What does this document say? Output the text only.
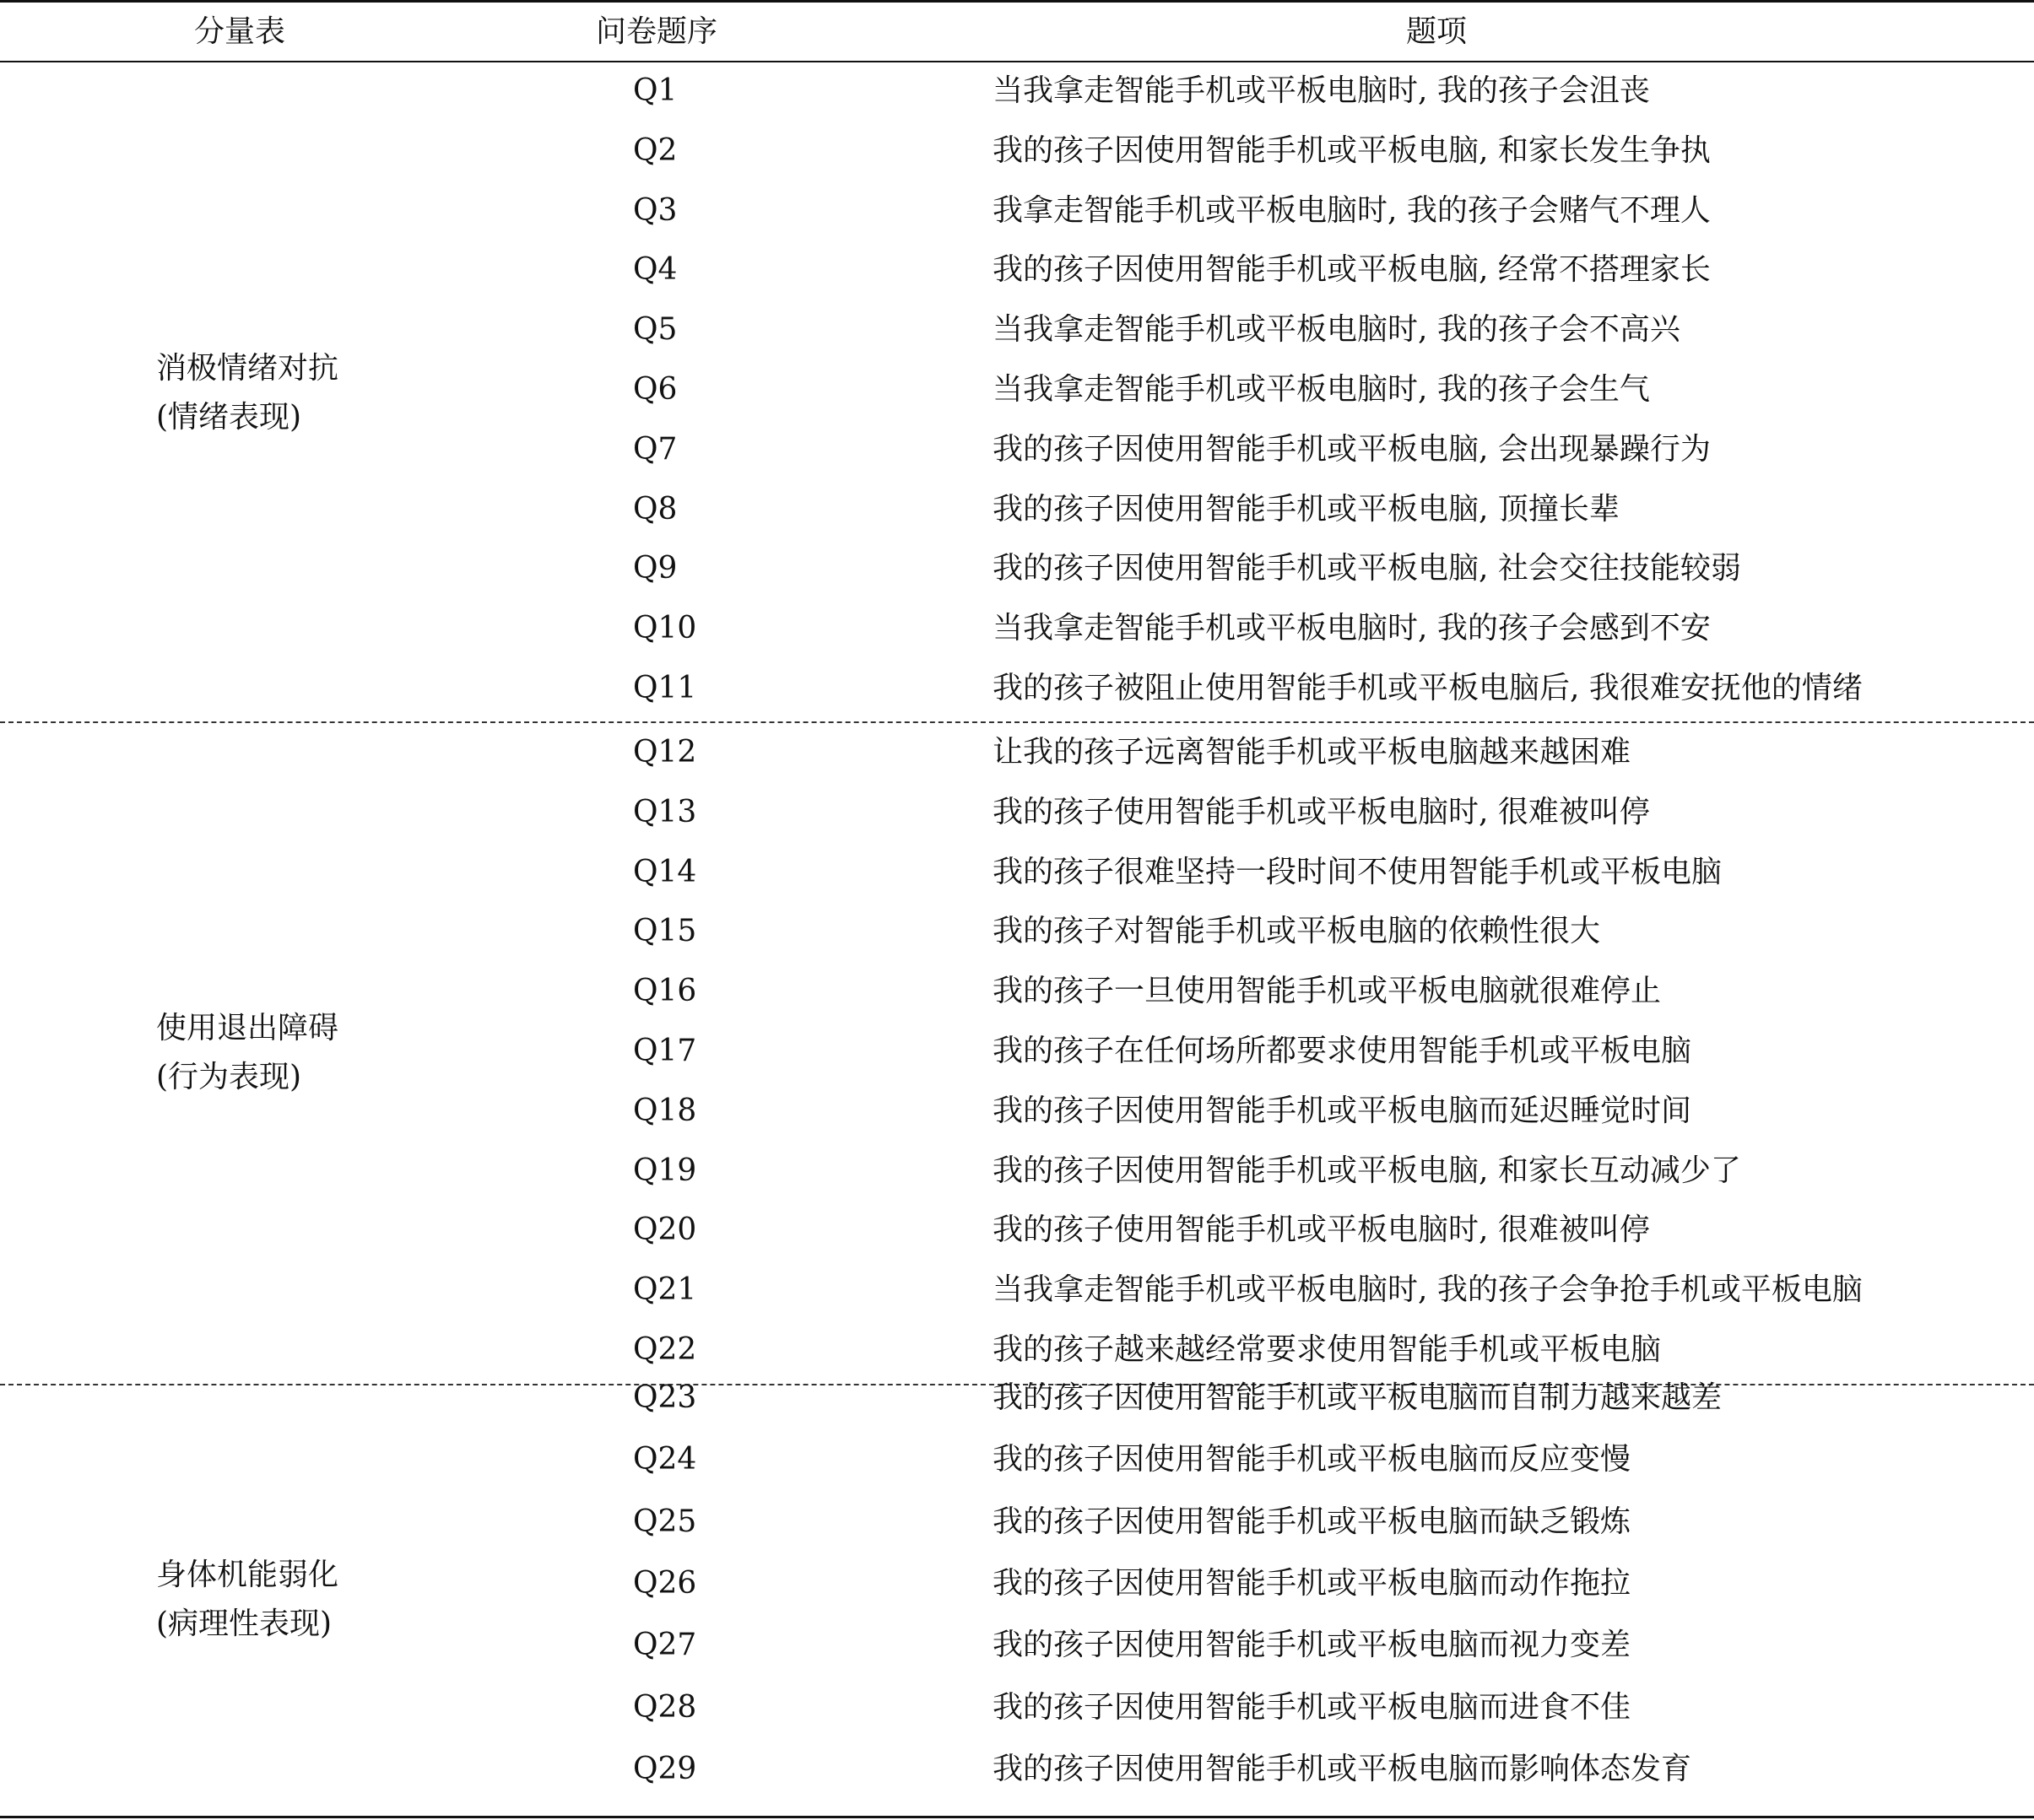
分量表	问卷题序	题项
消极情绪对抗
(情绪表现)
Q1	当我拿走智能手机或平板电脑时, 我的孩子会沮丧
Q2	我的孩子因使用智能手机或平板电脑, 和家长发生争执
Q3	我拿走智能手机或平板电脑时, 我的孩子会赌气不理人
Q4	我的孩子因使用智能手机或平板电脑, 经常不搭理家长
Q5	当我拿走智能手机或平板电脑时, 我的孩子会不高兴
Q6	当我拿走智能手机或平板电脑时, 我的孩子会生气
Q7	我的孩子因使用智能手机或平板电脑, 会出现暴躁行为
Q8	我的孩子因使用智能手机或平板电脑, 顶撞长辈
Q9	我的孩子因使用智能手机或平板电脑, 社会交往技能较弱
Q10	当我拿走智能手机或平板电脑时, 我的孩子会感到不安
Q11	我的孩子被阻止使用智能手机或平板电脑后, 我很难安抚他的情绪
使用退出障碍
(行为表现)
Q12	让我的孩子远离智能手机或平板电脑越来越困难
Q13	我的孩子使用智能手机或平板电脑时, 很难被叫停
Q14	我的孩子很难坚持一段时间不使用智能手机或平板电脑
Q15	我的孩子对智能手机或平板电脑的依赖性很大
Q16	我的孩子一旦使用智能手机或平板电脑就很难停止
Q17	我的孩子在任何场所都要求使用智能手机或平板电脑
Q18	我的孩子因使用智能手机或平板电脑而延迟睡觉时间
Q19	我的孩子因使用智能手机或平板电脑, 和家长互动减少了
Q20	我的孩子使用智能手机或平板电脑时, 很难被叫停
Q21	当我拿走智能手机或平板电脑时, 我的孩子会争抢手机或平板电脑
Q22	我的孩子越来越经常要求使用智能手机或平板电脑
身体机能弱化
(病理性表现)
Q23	我的孩子因使用智能手机或平板电脑而自制力越来越差
Q24	我的孩子因使用智能手机或平板电脑而反应变慢
Q25	我的孩子因使用智能手机或平板电脑而缺乏锻炼
Q26	我的孩子因使用智能手机或平板电脑而动作拖拉
Q27	我的孩子因使用智能手机或平板电脑而视力变差
Q28	我的孩子因使用智能手机或平板电脑而进食不佳
Q29	我的孩子因使用智能手机或平板电脑而影响体态发育
